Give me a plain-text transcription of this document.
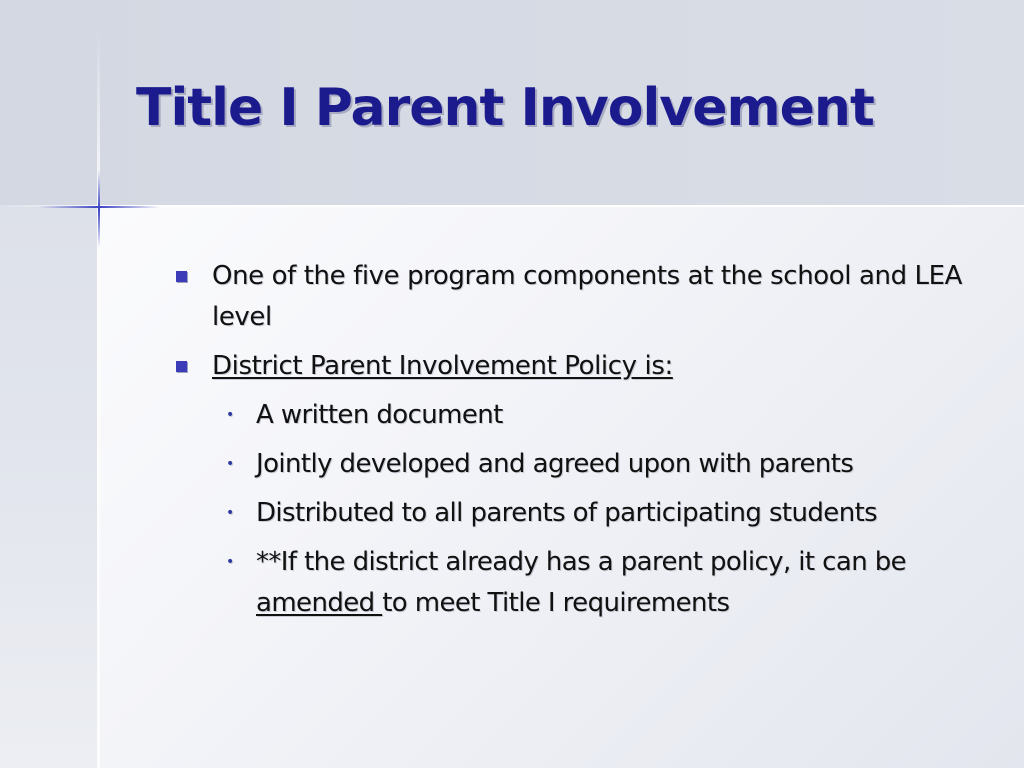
Title I Parent Involvement
One of the five program components at the school and LEA level
District Parent Involvement Policy is:
• A written document
• Jointly developed and agreed upon with parents
• Distributed to all parents of participating students
• **If the district already has a parent policy, it can be amended to meet Title I requirements
